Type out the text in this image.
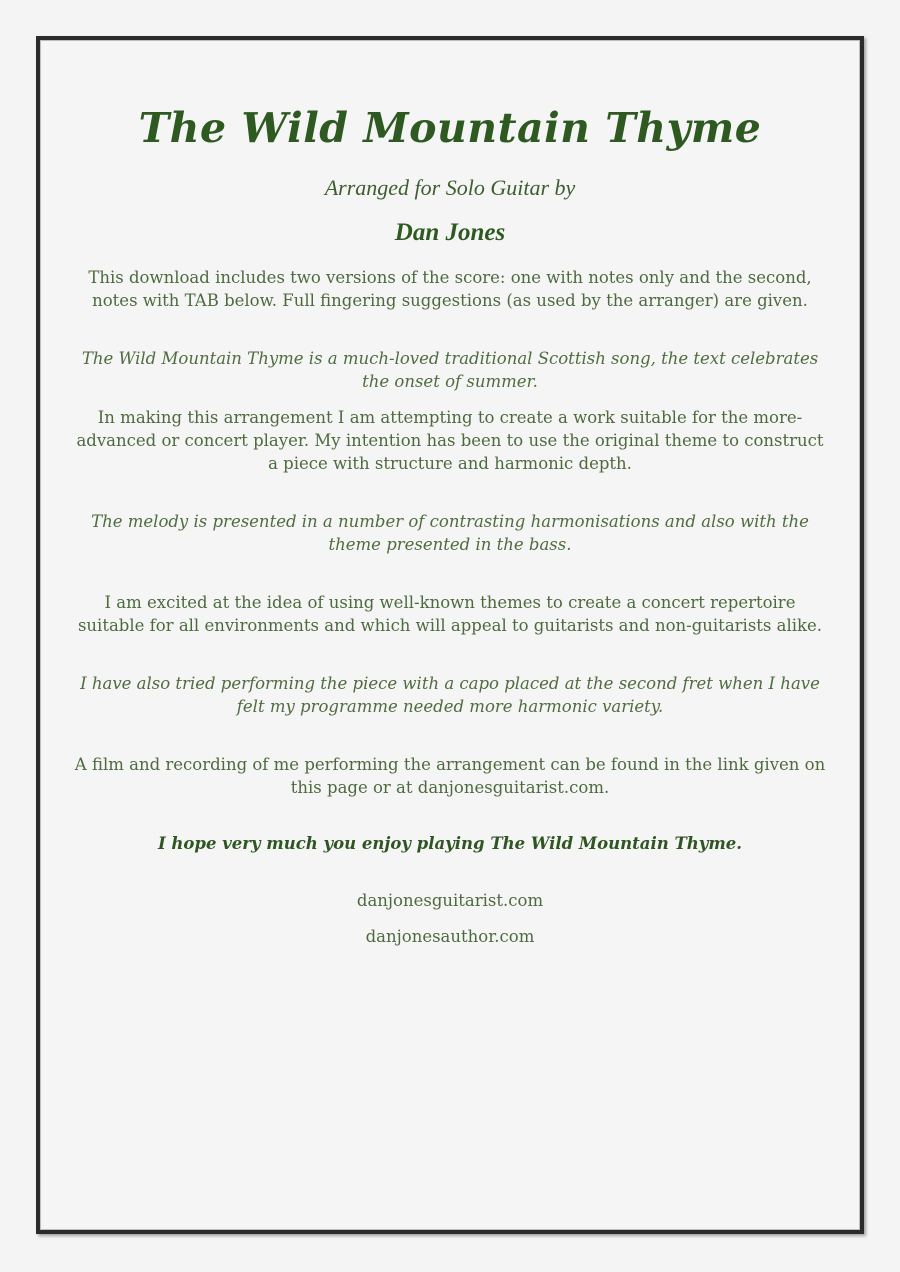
The Wild Mountain Thyme
Arranged for Solo Guitar by
Dan Jones

This download includes two versions of the score: one with notes only and the second, notes with TAB below. Full fingering suggestions (as used by the arranger) are given.

The Wild Mountain Thyme is a much-loved traditional Scottish song, the text celebrates the onset of summer.

In making this arrangement I am attempting to create a work suitable for the more-advanced or concert player. My intention has been to use the original theme to construct a piece with structure and harmonic depth.

The melody is presented in a number of contrasting harmonisations and also with the theme presented in the bass.

I am excited at the idea of using well-known themes to create a concert repertoire suitable for all environments and which will appeal to guitarists and non-guitarists alike.

I have also tried performing the piece with a capo placed at the second fret when I have felt my programme needed more harmonic variety.

A film and recording of me performing the arrangement can be found in the link given on this page or at danjonesguitarist.com.

I hope very much you enjoy playing The Wild Mountain Thyme.

danjonesguitarist.com

danjonesauthor.com
